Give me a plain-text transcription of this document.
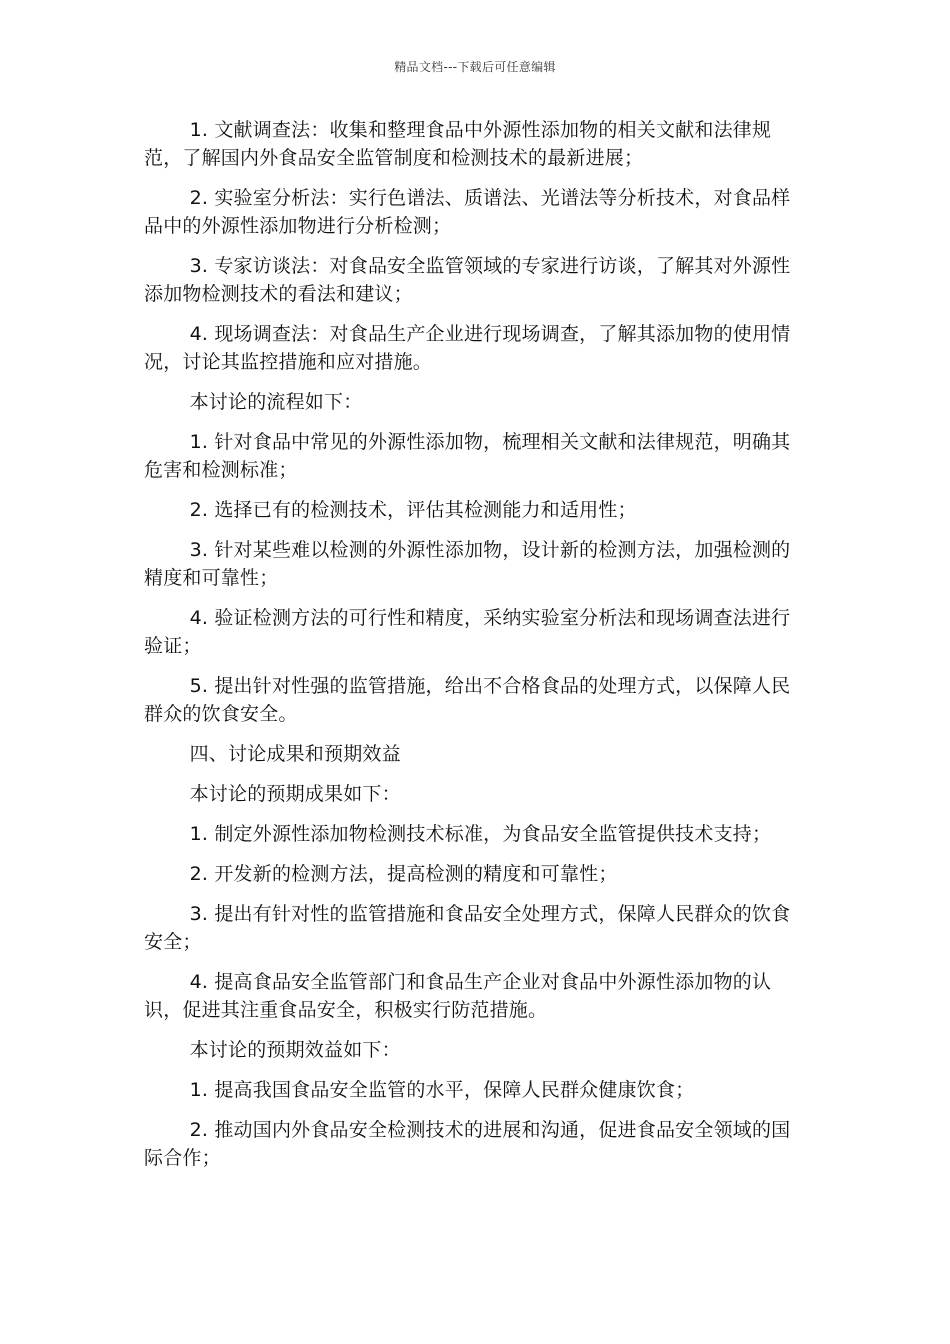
精品文档---下载后可任意编辑

1. 文献调查法：收集和整理食品中外源性添加物的相关文献和法律规范，了解国内外食品安全监管制度和检测技术的最新进展；

2. 实验室分析法：实行色谱法、质谱法、光谱法等分析技术，对食品样品中的外源性添加物进行分析检测；

3. 专家访谈法：对食品安全监管领域的专家进行访谈，了解其对外源性添加物检测技术的看法和建议；

4. 现场调查法：对食品生产企业进行现场调查，了解其添加物的使用情况，讨论其监控措施和应对措施。

本讨论的流程如下：

1. 针对食品中常见的外源性添加物，梳理相关文献和法律规范，明确其危害和检测标准；

2. 选择已有的检测技术，评估其检测能力和适用性；

3. 针对某些难以检测的外源性添加物，设计新的检测方法，加强检测的精度和可靠性；

4. 验证检测方法的可行性和精度，采纳实验室分析法和现场调查法进行验证；

5. 提出针对性强的监管措施，给出不合格食品的处理方式，以保障人民群众的饮食安全。

四、讨论成果和预期效益

本讨论的预期成果如下：

1. 制定外源性添加物检测技术标准，为食品安全监管提供技术支持；

2. 开发新的检测方法，提高检测的精度和可靠性；

3. 提出有针对性的监管措施和食品安全处理方式，保障人民群众的饮食安全；

4. 提高食品安全监管部门和食品生产企业对食品中外源性添加物的认识，促进其注重食品安全，积极实行防范措施。

本讨论的预期效益如下：

1. 提高我国食品安全监管的水平，保障人民群众健康饮食；

2. 推动国内外食品安全检测技术的进展和沟通，促进食品安全领域的国际合作；
